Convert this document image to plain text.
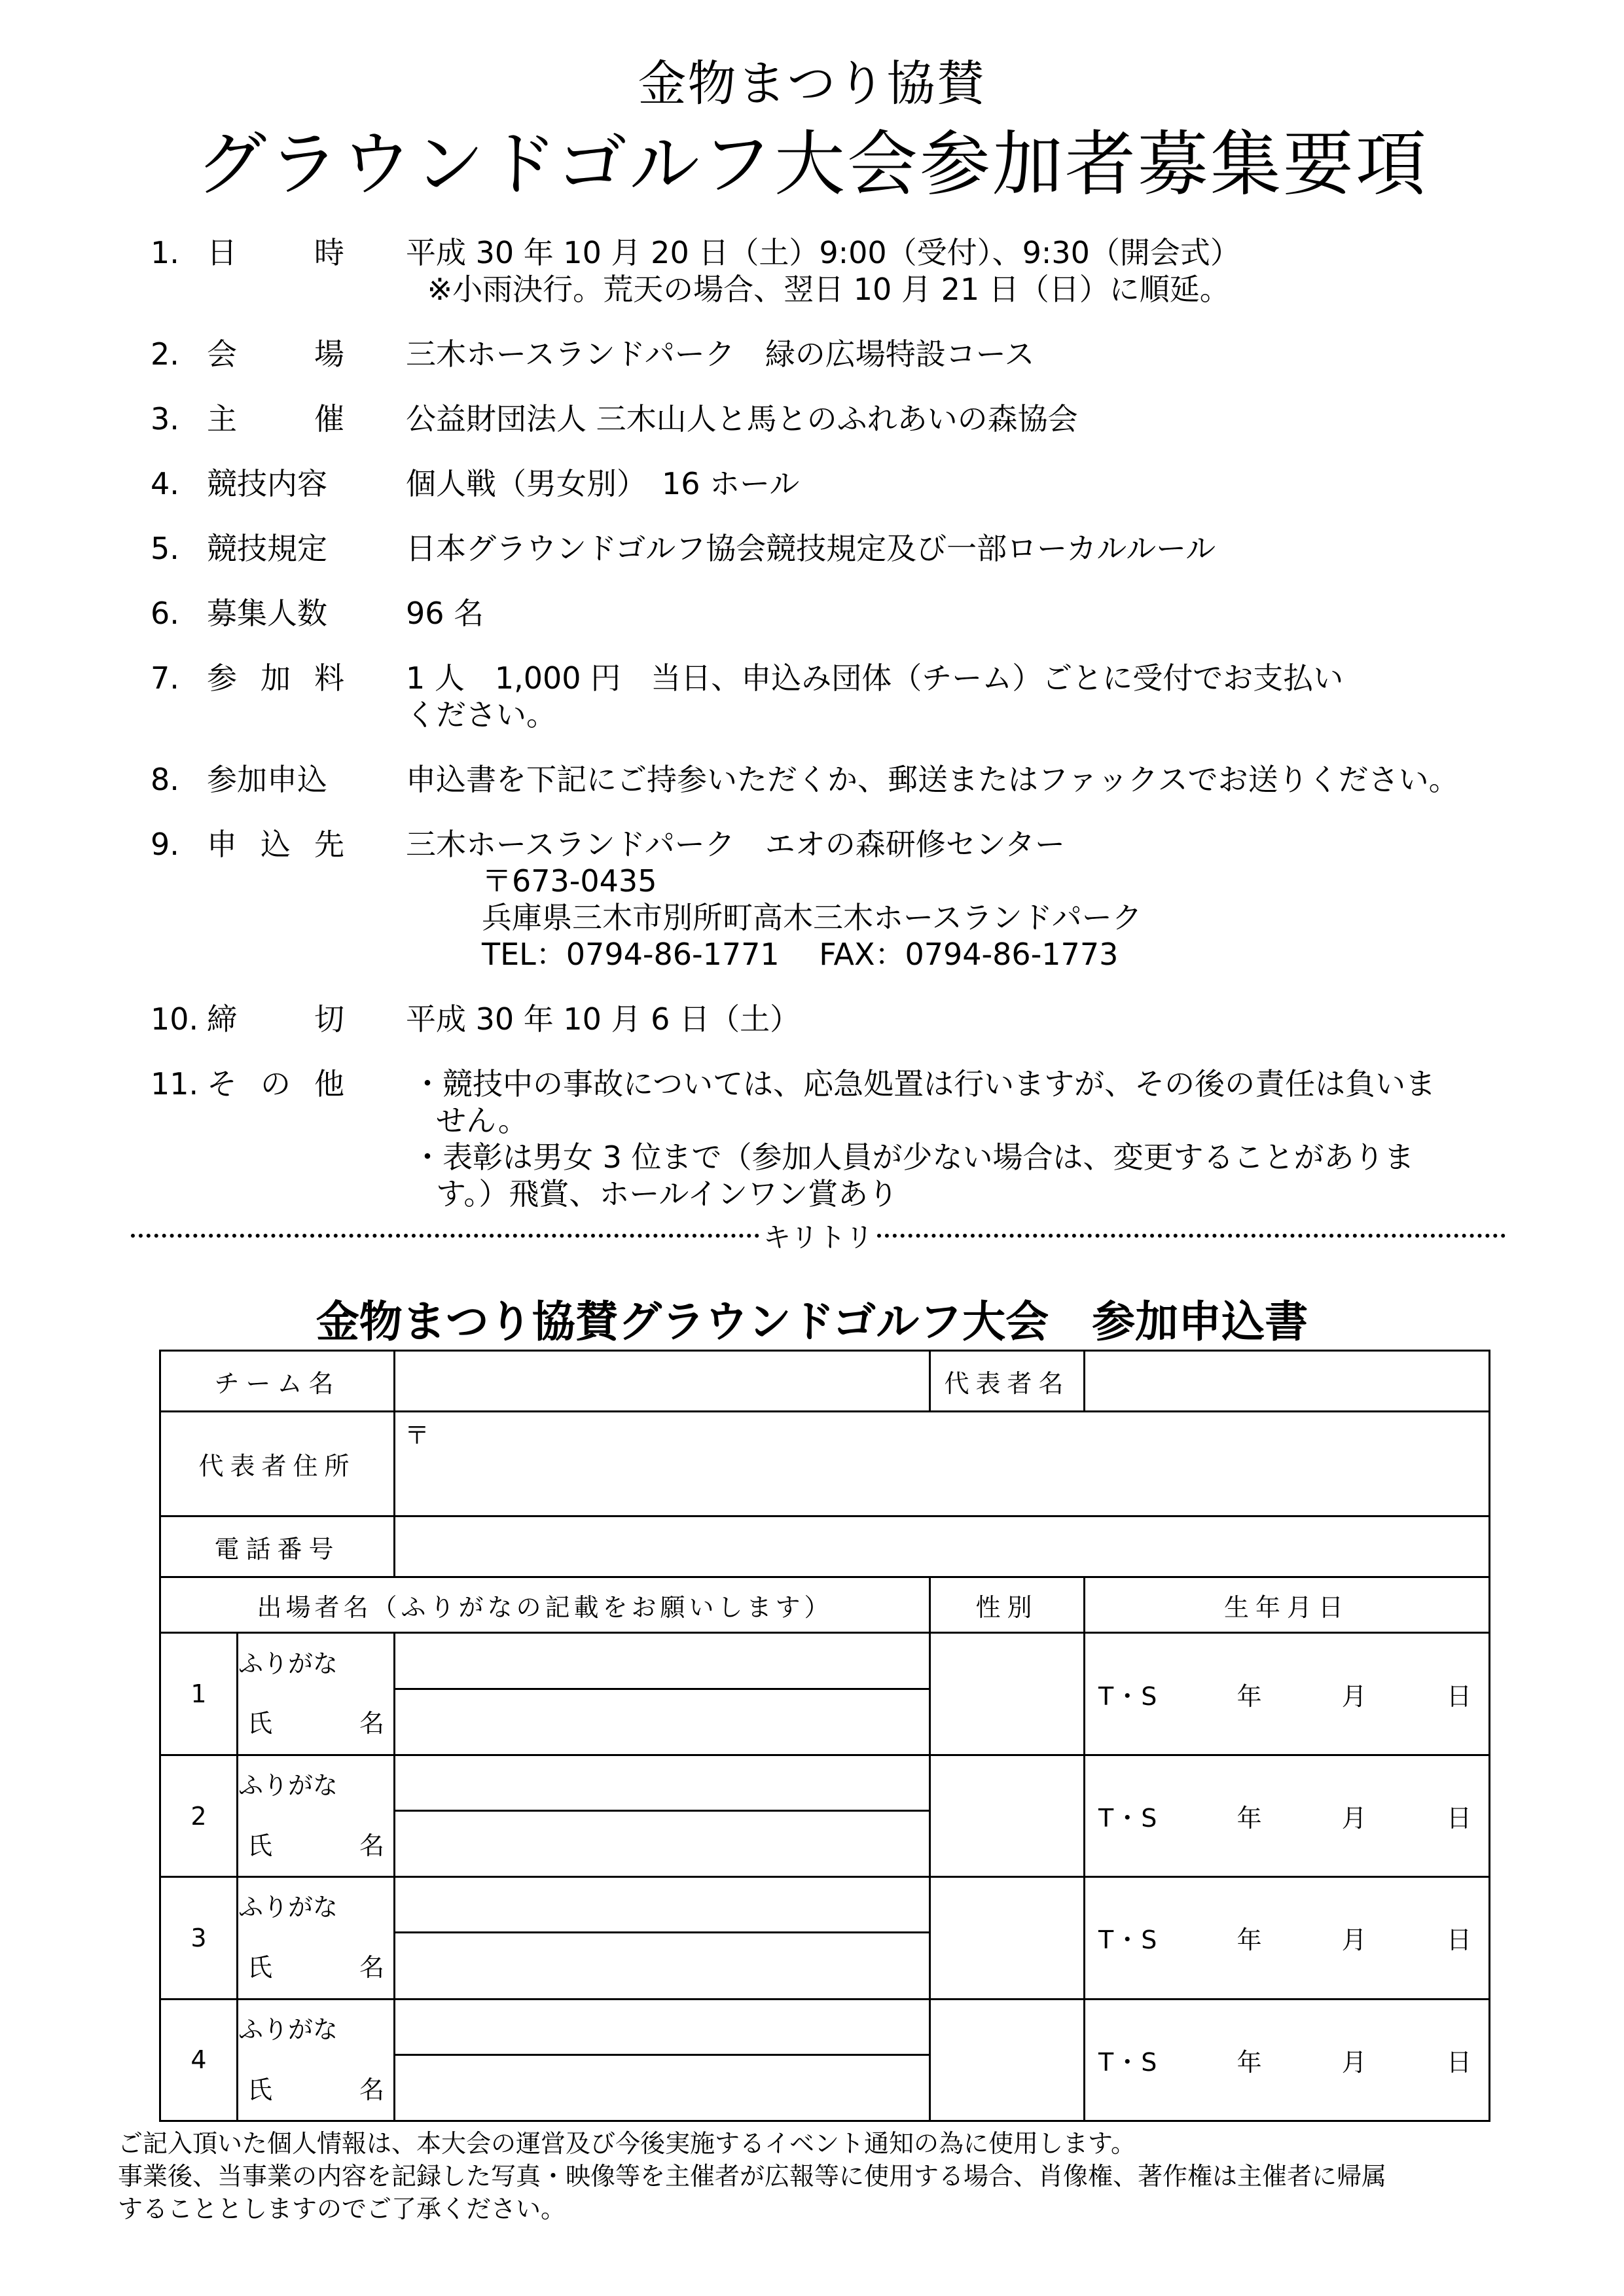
金物まつり協賛
グラウンドゴルフ大会参加者募集要項
1. 日	時 平成 30 年 10 月 20 日（土）9:00（受付）、9:30（開会式）
※小雨決行。荒天の場合、翌日 10 月 21 日（日）に順延。
2. 会	場 三木ホースランドパーク　緑の広場特設コース
3. 主	催 公益財団法人 三木山人と馬とのふれあいの森協会
4. 競技内容	個人戦（男女別）　16 ホール
5. 競技規定	日本グラウンドゴルフ協会競技規定及び一部ローカルルール
6. 募集人数	96 名
7. 参 加 料 1 人　1,000 円　当日、申込み団体（チーム）ごとに受付でお支払い
ください。
8. 参加申込	申込書を下記にご持参いただくか、郵送またはファックスでお送りください。
9. 申 込 先 三木ホースランドパーク　エオの森研修センター
〒673-0435
兵庫県三木市別所町高木三木ホースランドパーク
TEL：0794-86-1771　 FAX：0794-86-1773
10. 締	切 平成 30 年 10 月 6 日（土）
11. そ の 他 ・競技中の事故については、応急処置は行いますが、その後の責任は負いま
せん。
・表彰は男女 3 位まで（参加人員が少ない場合は、変更することがありま
す。）飛賞、ホールインワン賞あり
キリトリ
金物まつり協賛グラウンドゴルフ大会　参加申込書
チーム名			代表者名	
代表者住所		〒		

電話番号				
出場者名（ふりがなの記載をお願いします）			性別	生年月日
1	ふりがな			T・S 年 月 日

	氏 名			

2	ふりがな			T・S 年 月 日

	氏 名			

3	ふりがな			T・S 年 月 日

	氏 名			

4	ふりがな			T・S 年 月 日

	氏 名			

ご記入頂いた個人情報は、本大会の運営及び今後実施するイベント通知の為に使用します。
事業後、当事業の内容を記録した写真・映像等を主催者が広報等に使用する場合、肖像権、著作権は主催者に帰属
することとしますのでご了承ください。
